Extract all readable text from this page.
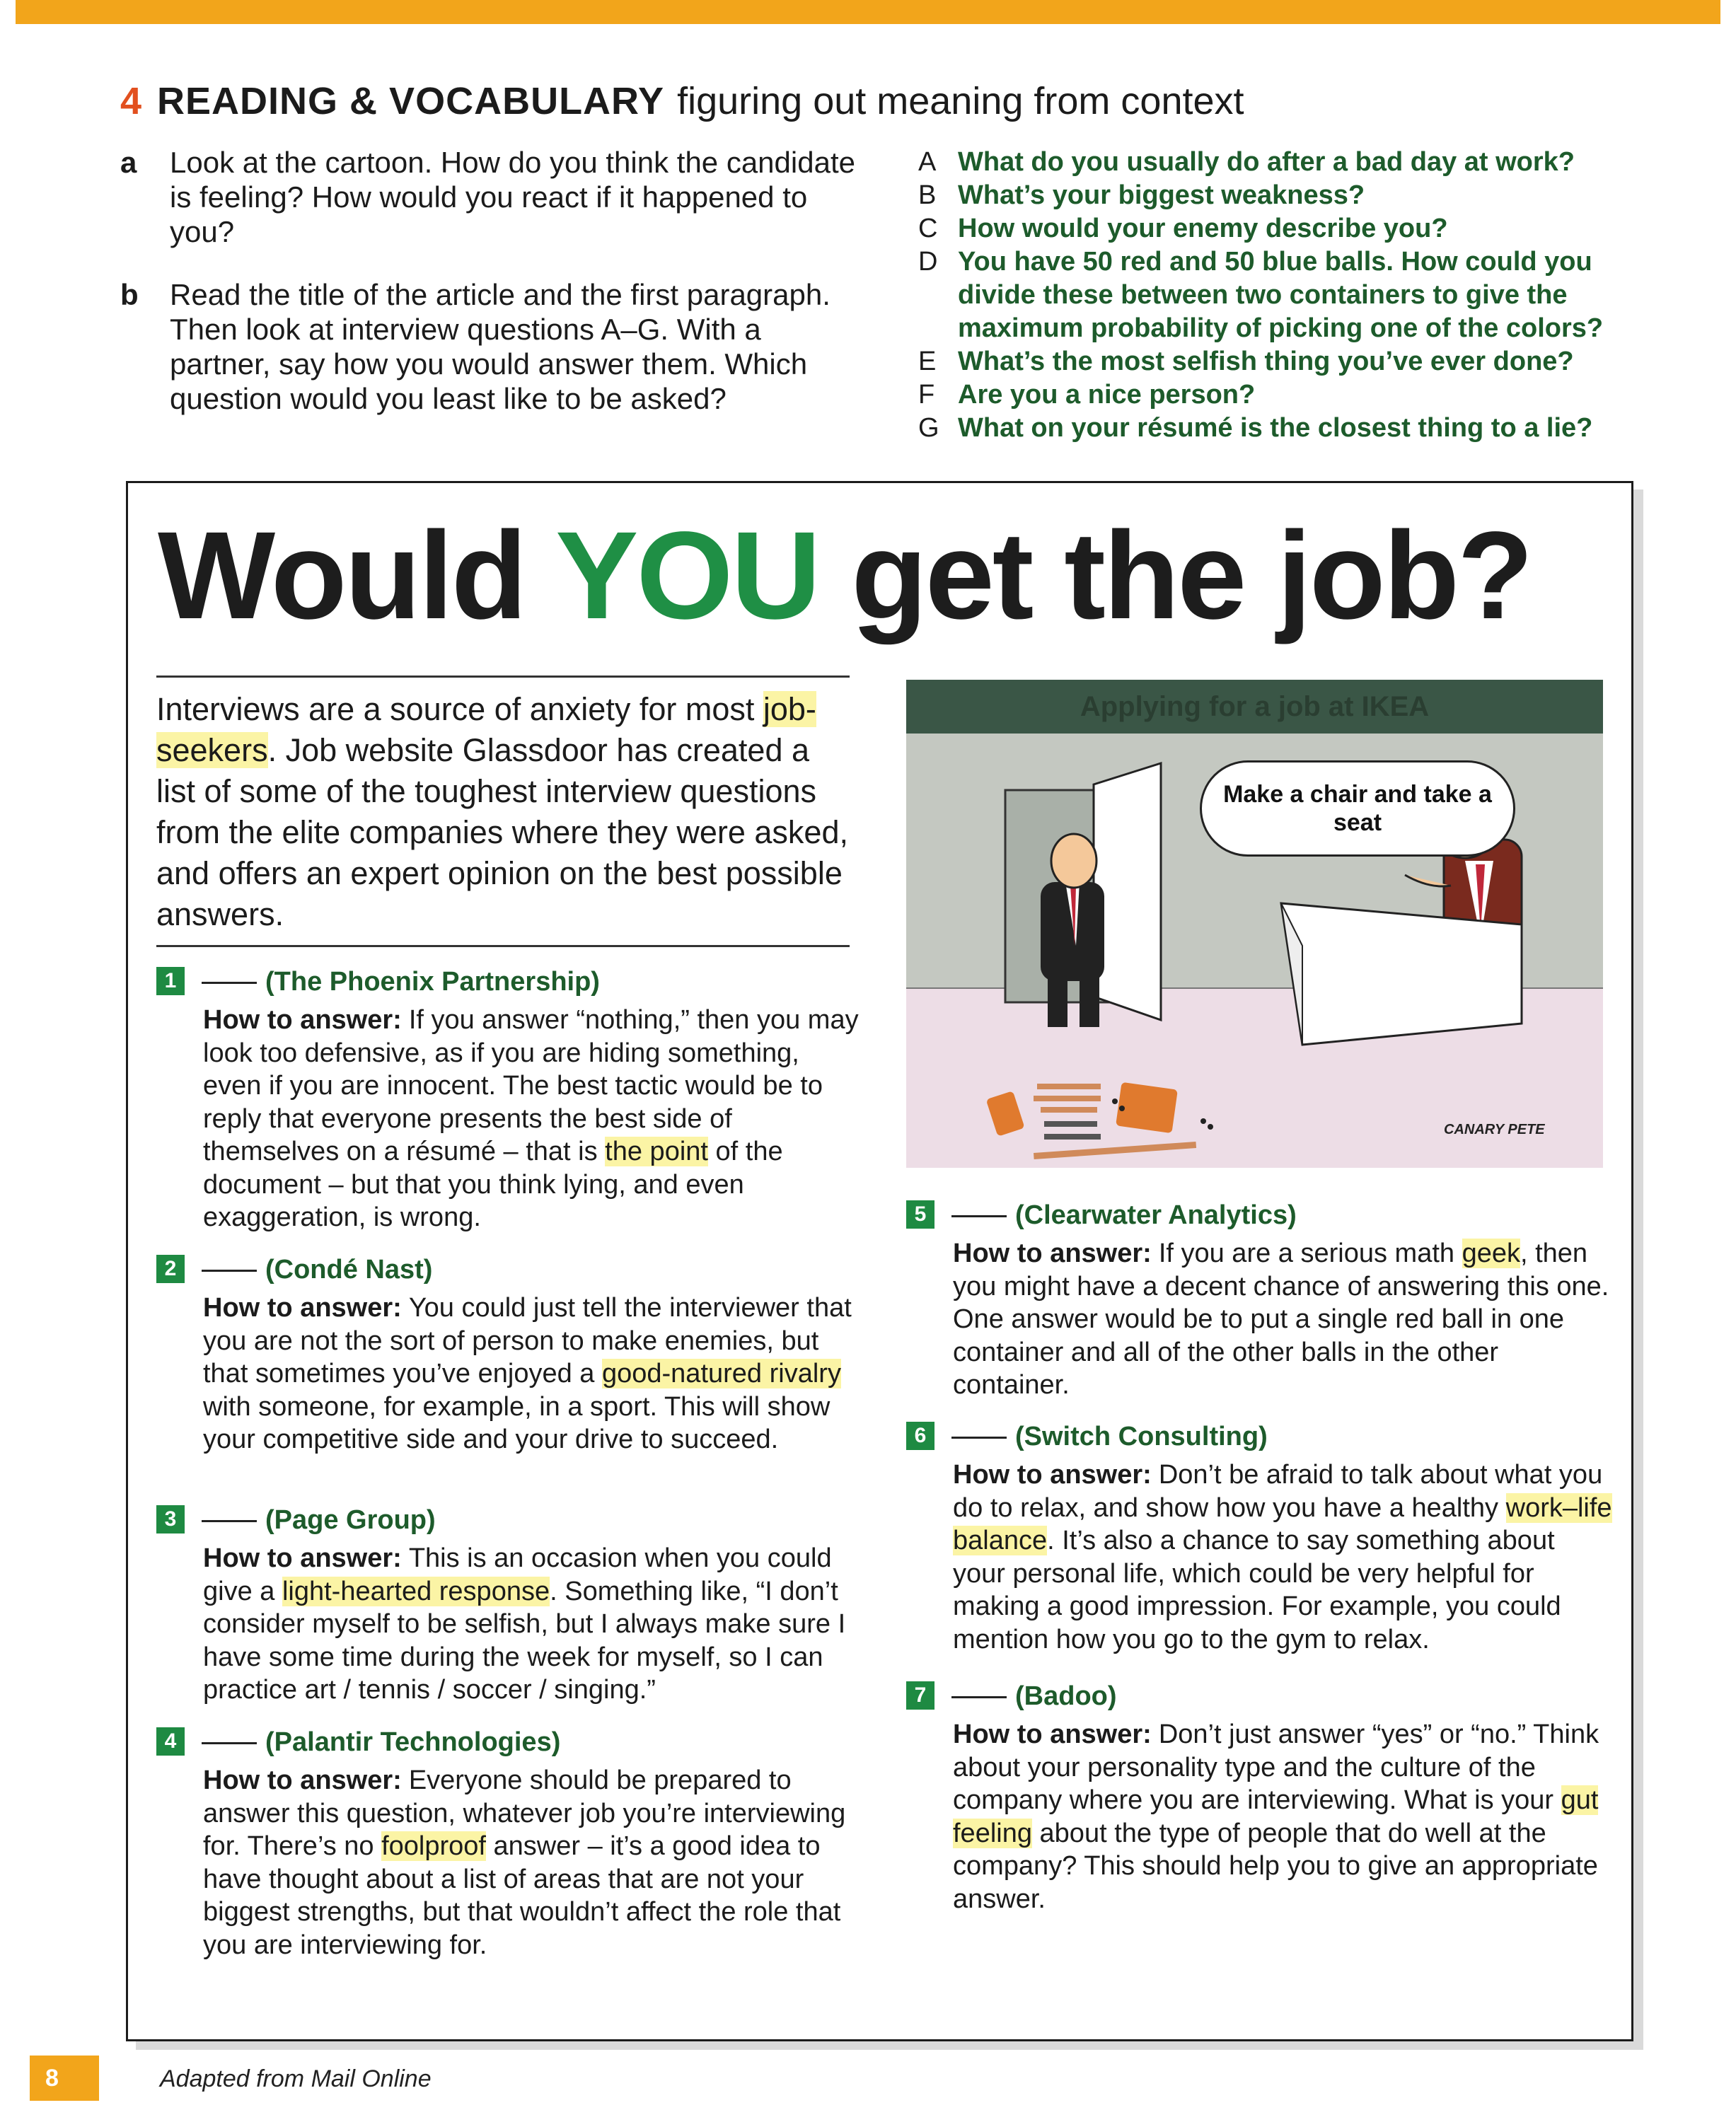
4 READING & VOCABULARY figuring out meaning from context
a Look at the cartoon. How do you think the candidate is feeling? How would you react if it happened to you?
b Read the title of the article and the first paragraph. Then look at interview questions A–G. With a partner, say how you would answer them. Which question would you least like to be asked?

A What do you usually do after a bad day at work?

B What’s your biggest weakness?

C How would your enemy describe you?

D You have 50 red and 50 blue balls. How could you divide these between two containers to give the maximum probability of picking one of the colors?

E What’s the most selfish thing you’ve ever done?

F Are you a nice person?

G What on your résumé is the closest thing to a lie?

Would YOU get the job?
Interviews are a source of anxiety for most job-seekers. Job website Glassdoor has created a list of some of the toughest interview questions from the elite companies where they were asked, and offers an expert opinion on the best possible answers.
1	(The Phoenix Partnership)
How to answer: If you answer “nothing,” then you may look too defensive, as if you are hiding something, even if you are innocent. The best tactic would be to reply that everyone presents the best side of themselves on a résumé – that is the point of the document – but that you think lying, and even exaggeration, is wrong.
2	(Condé Nast)
How to answer: You could just tell the interviewer that you are not the sort of person to make enemies, but that sometimes you’ve enjoyed a good-natured rivalry with someone, for example, in a sport. This will show your competitive side and your drive to succeed.
3	(Page Group)
How to answer: This is an occasion when you could give a light-hearted response. Something like, “I don’t consider myself to be selfish, but I always make sure I have some time during the week for myself, so I can practice art / tennis / soccer / singing.”
4	(Palantir Technologies)
How to answer: Everyone should be prepared to answer this question, whatever job you’re interviewing for. There’s no foolproof answer – it’s a good idea to have thought about a list of areas that are not your biggest strengths, but that wouldn’t affect the role that you are interviewing for.
Applying for a job at IKEA
Make a chair and take a seat
CANARY PETE
5	(Clearwater Analytics)
How to answer: If you are a serious math geek, then you might have a decent chance of answering this one. One answer would be to put a single red ball in one container and all of the other balls in the other container.
6	(Switch Consulting)
How to answer: Don’t be afraid to talk about what you do to relax, and show how you have a healthy work–life balance. It’s also a chance to say something about your personal life, which could be very helpful for making a good impression. For example, you could mention how you go to the gym to relax.
7	(Badoo)
How to answer: Don’t just answer “yes” or “no.” Think about your personality type and the culture of the company where you are interviewing. What is your gut feeling about the type of people that do well at the company? This should help you to give an appropriate answer.
8	Adapted from Mail Online
